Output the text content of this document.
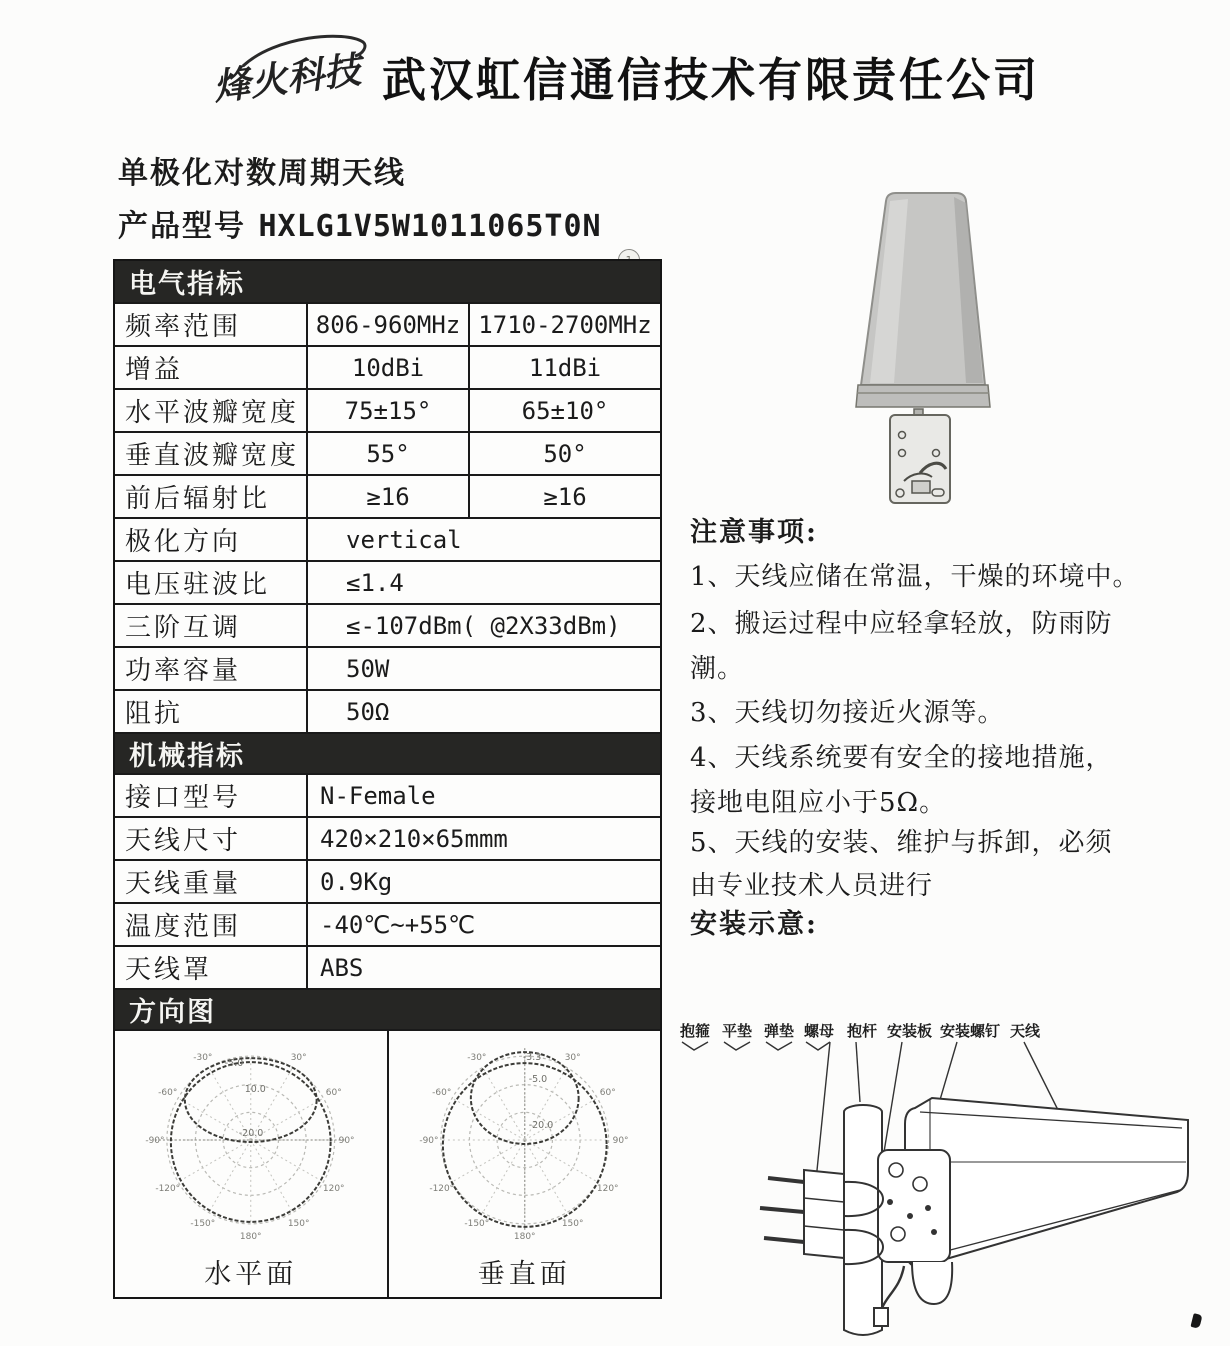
烽火科技 武汉虹信通信技术有限责任公司
单极化对数周期天线
产品型号 HXLG1V5W1011065T0N
电气指标
频率范围	806-960MHz 1710-2700MHz
增益	10dBi	11dBi
水平波瓣宽度	75±15°	65±10°
垂直波瓣宽度	55°	50°
前后辐射比	≥16	≥16
极化方向	vertical
电压驻波比	≤1.4
三阶互调	≤-107dBm( @2X33dBm)
功率容量	50W
阻抗	50Ω
机械指标
接口型号	N-Female
天线尺寸	420×210×65mmm
天线重量	0.9Kg
温度范围	-40℃~+55℃
天线罩	ABS
方向图
-30°	30°
-60°	60°
-90°	90°
-120°	120°
-150°	150°
180°
-5.0
10.0
-20.0
水平面
-30°	30°
-60°	60°
-90°	90°
-120°	120°
-150°	150°
180°
-3.3
-5.0
-20.0
垂直面
注意事项:
1、天线应储在常温，干燥的环境中。
2、搬运过程中应轻拿轻放，防雨防
潮。
3、天线切勿接近火源等。
4、天线系统要有安全的接地措施，
接地电阻应小于5Ω。
5、天线的安装、维护与拆卸，必须
由专业技术人员进行
安装示意:
抱箍 平垫 弹垫 螺母 抱杆 安装板 安装螺钉 天线
